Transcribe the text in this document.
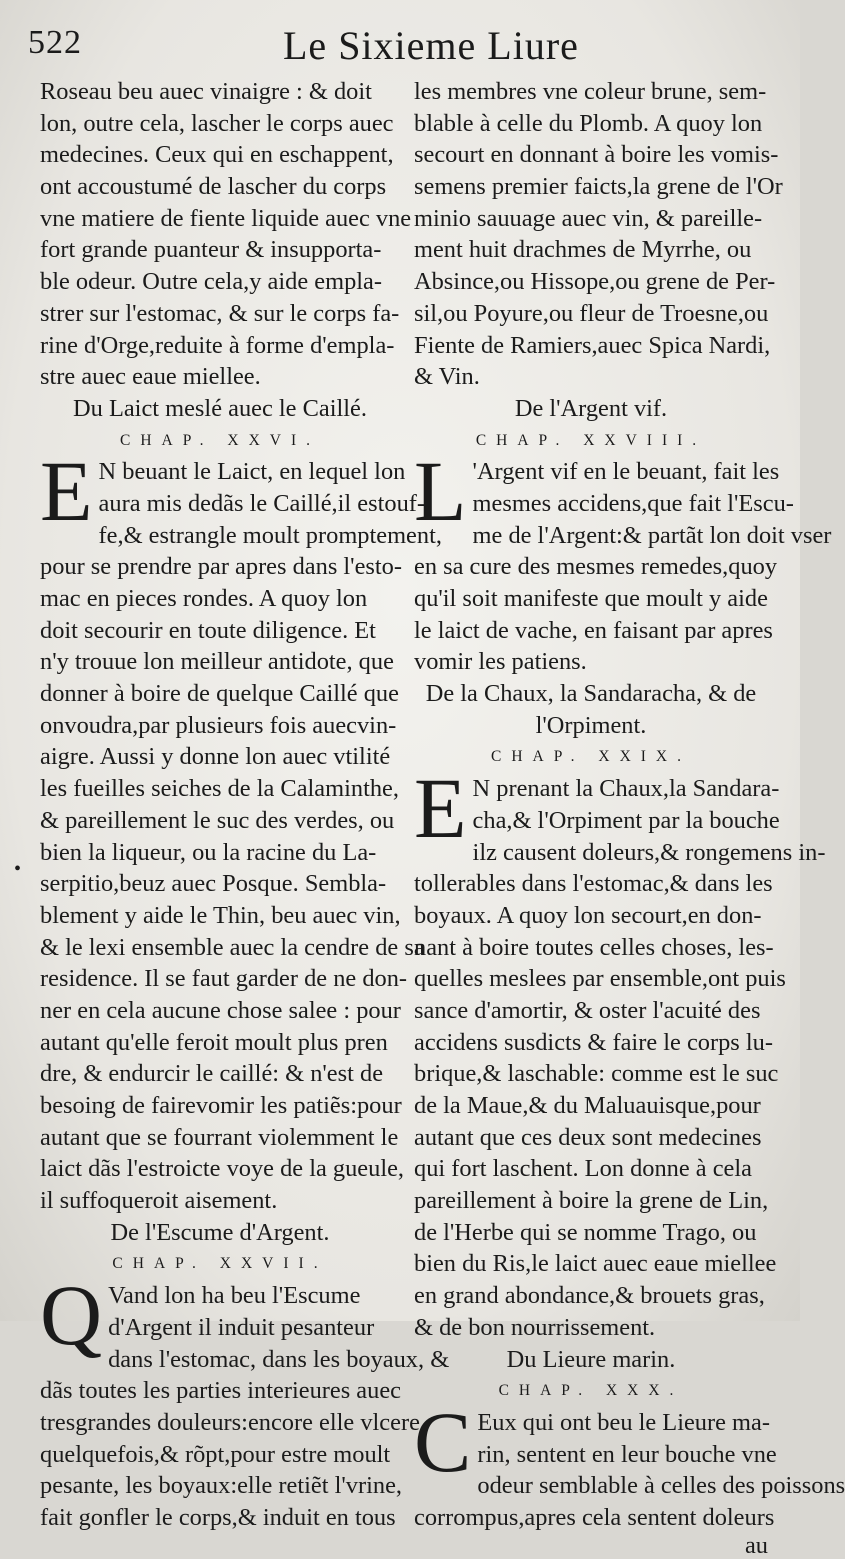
522	Le Sixieme Liure
•
Roseau beu auec vinaigre : & doit
lon, outre cela, lascher le corps auec
medecines. Ceux qui en eschappent,
ont accoustumé de lascher du corps
vne matiere de fiente liquide auec vne
fort grande puanteur & insupporta-
ble odeur. Outre cela,y aide empla-
strer sur l'estomac, & sur le corps fa-
rine d'Orge,reduite à forme d'empla-
stre auec eaue miellee.
Du Laict meslé auec le Caillé.
CHAP. XXVI.
E N beuant le Laict, en lequel lon
aura mis dedãs le Caillé,il estouf-
fe,& estrangle moult promptement,
pour se prendre par apres dans l'esto-
mac en pieces rondes. A quoy lon
doit secourir en toute diligence. Et
n'y trouue lon meilleur antidote, que
donner à boire de quelque Caillé que
onvoudra,par plusieurs fois auecvin-
aigre. Aussi y donne lon auec vtilité
les fueilles seiches de la Calaminthe,
& pareillement le suc des verdes, ou
bien la liqueur, ou la racine du La-
serpitio,beuz auec Posque. Sembla-
blement y aide le Thin, beu auec vin,
& le lexi ensemble auec la cendre de sa
residence. Il se faut garder de ne don-
ner en cela aucune chose salee : pour
autant qu'elle feroit moult plus pren
dre, & endurcir le caillé: & n'est de
besoing de fairevomir les patiẽs:pour
autant que se fourrant violemment le
laict dãs l'estroicte voye de la gueule,
il suffoqueroit aisement.
De l'Escume d'Argent.
CHAP. XXVII.
Q Vand lon ha beu l'Escume
d'Argent il induit pesanteur
dans l'estomac, dans les boyaux, &
dãs toutes les parties interieures auec
tresgrandes douleurs:encore elle vlcere
quelquefois,& rõpt,pour estre moult
pesante, les boyaux:elle retiẽt l'vrine,
fait gonfler le corps,& induit en tous
les membres vne coleur brune, sem-
blable à celle du Plomb. A quoy lon
secourt en donnant à boire les vomis-
semens premier faicts,la grene de l'Or
minio sauuage auec vin, & pareille-
ment huit drachmes de Myrrhe, ou
Absince,ou Hissope,ou grene de Per-
sil,ou Poyure,ou fleur de Troesne,ou
Fiente de Ramiers,auec Spica Nardi,
& Vin.
De l'Argent vif.
CHAP. XXVIII.
L 'Argent vif en le beuant, fait les
mesmes accidens,que fait l'Escu-
me de l'Argent:& partãt lon doit vser
en sa cure des mesmes remedes,quoy
qu'il soit manifeste que moult y aide
le laict de vache, en faisant par apres
vomir les patiens.
De la Chaux, la Sandaracha, & de
l'Orpiment.
CHAP. XXIX.
E N prenant la Chaux,la Sandara-
cha,& l'Orpiment par la bouche
ilz causent doleurs,& rongemens in-
tollerables dans l'estomac,& dans les
boyaux. A quoy lon secourt,en don-
nant à boire toutes celles choses, les-
quelles meslees par ensemble,ont puis
sance d'amortir, & oster l'acuité des
accidens susdicts & faire le corps lu-
brique,& laschable: comme est le suc
de la Maue,& du Maluauisque,pour
autant que ces deux sont medecines
qui fort laschent. Lon donne à cela
pareillement à boire la grene de Lin,
de l'Herbe qui se nomme Trago, ou
bien du Ris,le laict auec eaue miellee
en grand abondance,& brouets gras,
& de bon nourrissement.
Du Lieure marin.
CHAP. XXX.
C Eux qui ont beu le Lieure ma-
rin, sentent en leur bouche vne
odeur semblable à celles des poissons
corrompus,apres cela sentent doleurs
au
